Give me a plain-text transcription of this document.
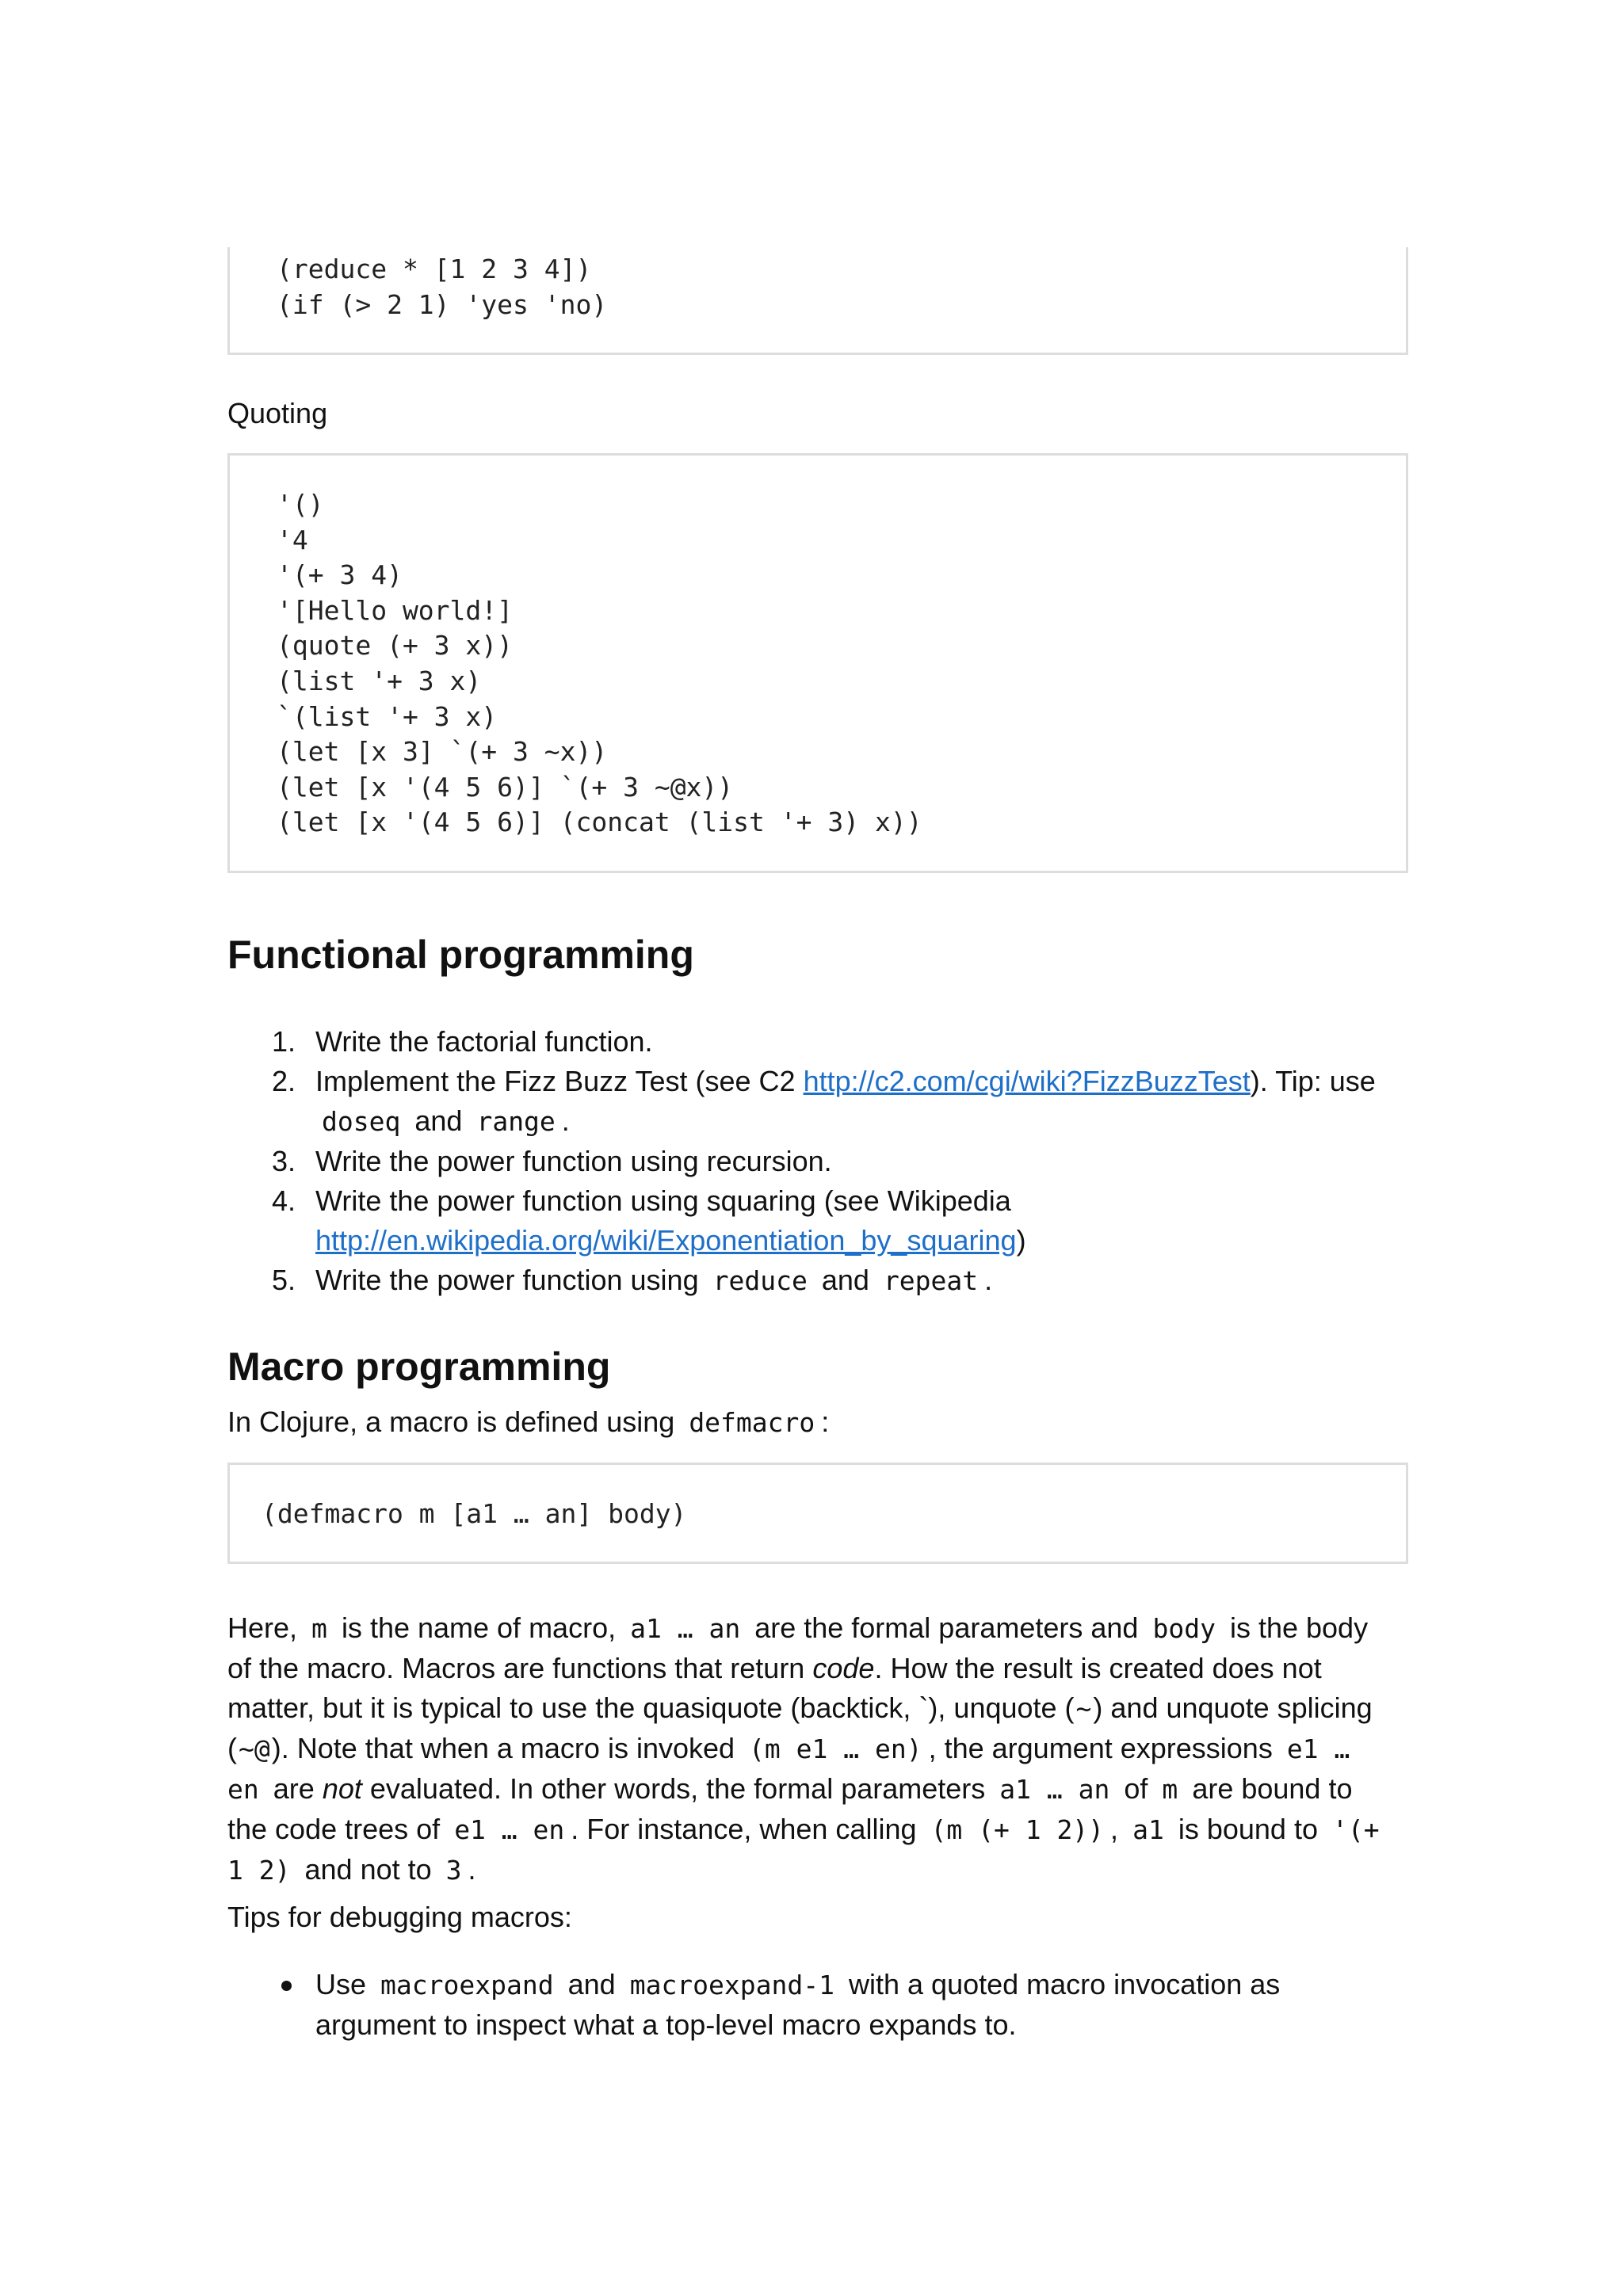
(reduce * [1 2 3 4])
(if (> 2 1) 'yes 'no)
Quoting
'()
'4
'(+ 3 4)
'[Hello world!]
(quote (+ 3 x))
(list '+ 3 x)
`(list '+ 3 x)
(let [x 3] `(+ 3 ~x))
(let [x '(4 5 6)] `(+ 3 ~@x))
(let [x '(4 5 6)] (concat (list '+ 3) x))
Functional programming
1. Write the factorial function.
2. Implement the Fizz Buzz Test (see C2 http://c2.com/cgi/wiki?FizzBuzzTest). Tip: use
doseq and range .
3. Write the power function using recursion.
4. Write the power function using squaring (see Wikipedia
http://en.wikipedia.org/wiki/Exponentiation_by_squaring)
5. Write the power function using reduce and repeat .
Macro programming
In Clojure, a macro is defined using defmacro :
(defmacro m [a1 … an] body)
Here, m is the name of macro, a1 … an are the formal parameters and body is the body
of the macro. Macros are functions that return code. How the result is created does not
matter, but it is typical to use the quasiquote (backtick, `), unquote (~) and unquote splicing
(~@). Note that when a macro is invoked (m e1 … en) , the argument expressions e1 …
en are not evaluated. In other words, the formal parameters a1 … an of m are bound to
the code trees of e1 … en . For instance, when calling (m (+ 1 2)) , a1 is bound to '(+
1 2) and not to 3 .
Tips for debugging macros:
Use macroexpand and macroexpand-1 with a quoted macro invocation as
argument to inspect what a top-level macro expands to.
